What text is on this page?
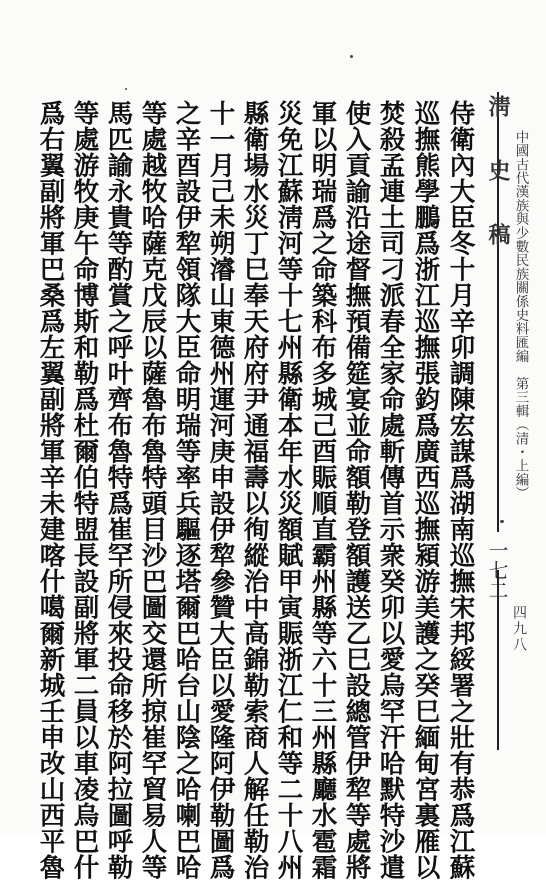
中國古代漢族與少數民族關係史料匯編　第三輯（清・上編）
四九八
淸　史　稿
一七二
侍衛內大臣冬十月辛卯調陳宏謀爲湖南巡撫宋邦綏署之壯有恭爲江蘇
巡撫熊學鵬爲浙江巡撫張鈞爲廣西巡撫潁游美護之癸巳緬甸宮裏雁以
焚殺孟連土司刁派春全家命處斬傳首示衆癸卯以愛烏罕汗哈默特沙遣
使入貢諭沿途督撫預備筵宴並命額勒登額護送乙巳設總管伊犂等處將
軍以明瑞爲之命築科布多城己酉賑順直霸州縣等六十三州縣廳水雹霜
災免江蘇淸河等十七州縣衛本年水災額賦甲寅賑浙江仁和等二十八州
縣衛場水災丁巳奉天府府尹通福壽以徇縱治中高錦勒索商人解任勒治
十一月己未朔濬山東德州運河庚申設伊犂參贊大臣以愛隆阿伊勒圖爲
之辛酉設伊犂領隊大臣命明瑞等率兵驅逐塔爾巴哈台山陰之哈喇巴哈
等處越牧哈薩克戊辰以薩魯布魯特頭目沙巴圖交還所掠崔罕貿易人等
馬匹諭永貴等酌賞之呼叶齊布魯特爲崔罕所侵來投命移於阿拉圖呼勒
等處游牧庚午命博斯和勒爲杜爾伯特盟長設副將軍二員以車凌烏巴什
爲右翼副將軍巴桑爲左翼副將軍辛未建喀什噶爾新城壬申改山西平魯
